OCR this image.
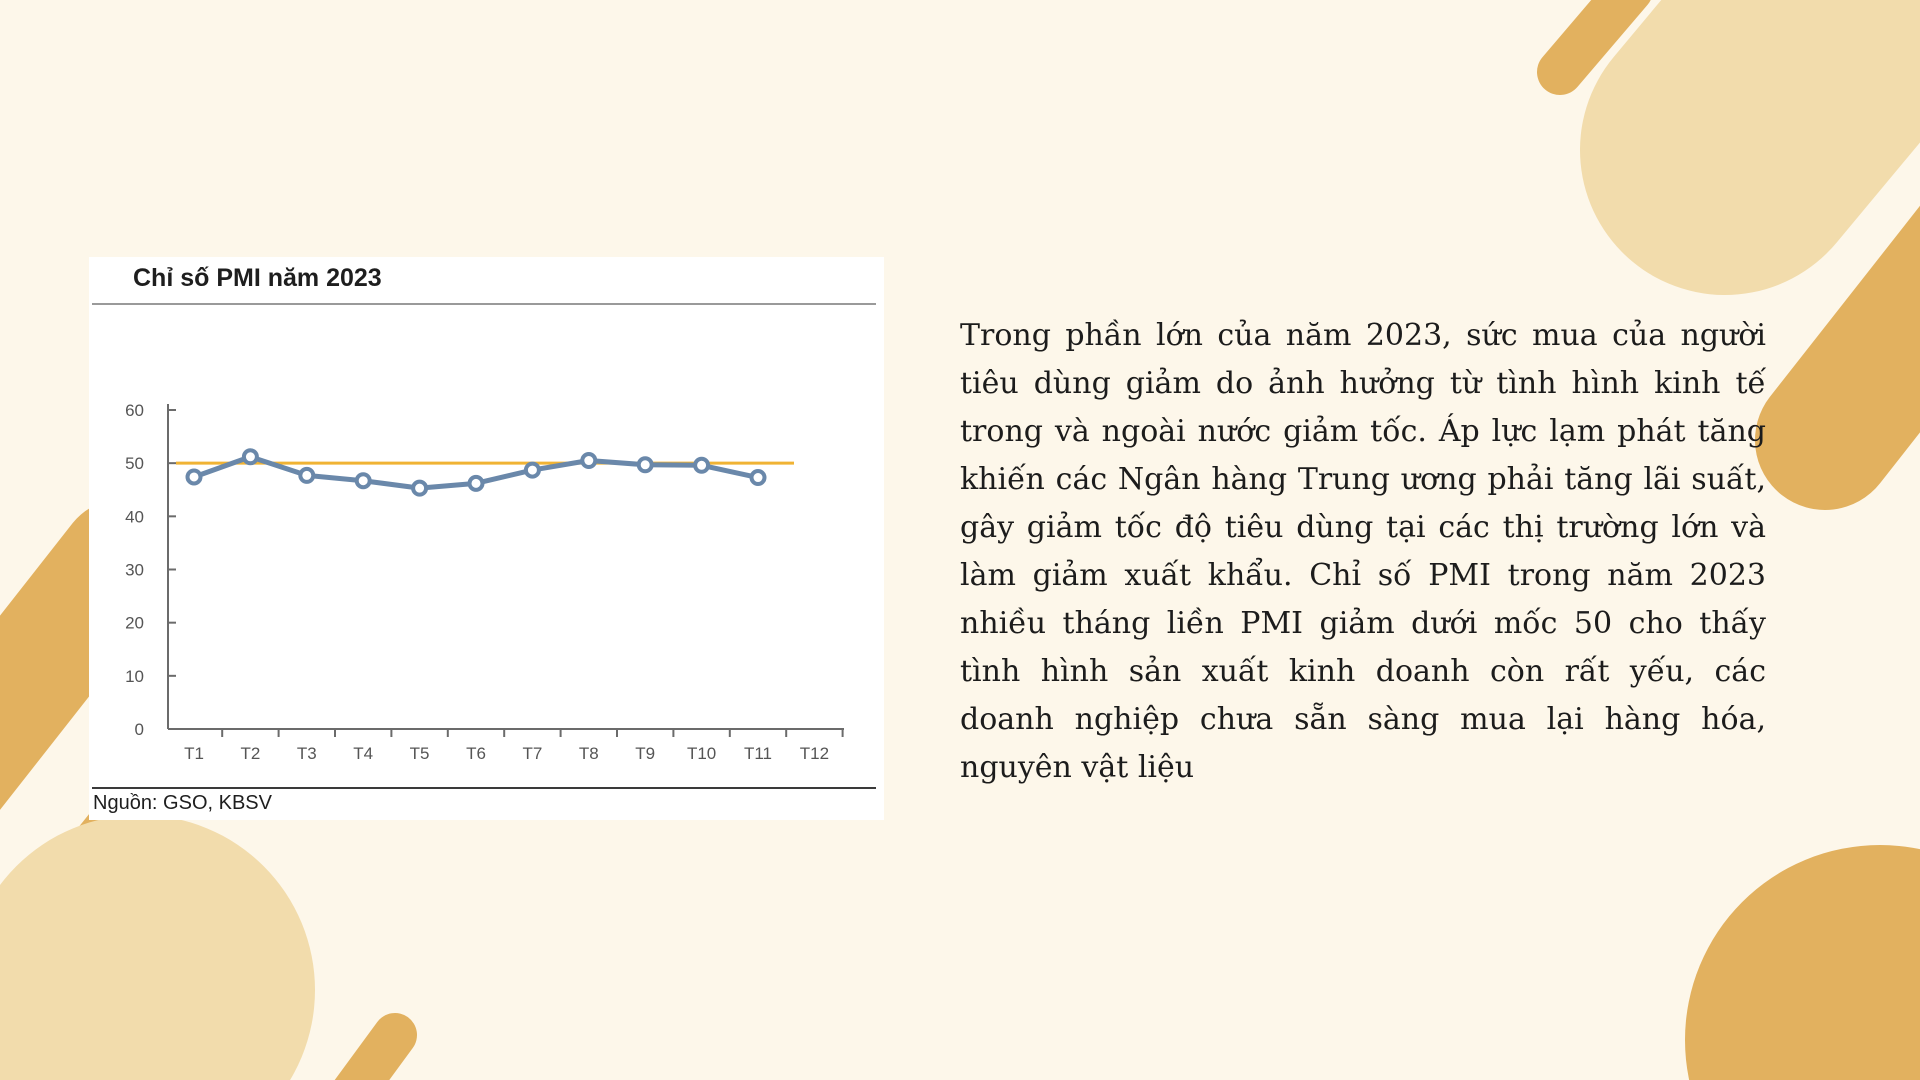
0
10
20
30
40
50
60
T1 T2 T3 T4 T5 T6 T7 T8 T9 T10 T11 T12
Chỉ số PMI năm 2023
Nguồn: GSO, KBSV

Trong phần lớn của năm 2023, sức mua của người tiêu dùng giảm do ảnh hưởng từ tình hình kinh tế trong và ngoài nước giảm tốc. Áp lực lạm phát tăng khiến các Ngân hàng Trung ương phải tăng lãi suất, gây giảm tốc độ tiêu dùng tại các thị trường lớn và làm giảm xuất khẩu. Chỉ số PMI trong năm 2023 nhiều tháng liền PMI giảm dưới mốc 50 cho thấy tình hình sản xuất kinh doanh còn rất yếu, các doanh nghiệp chưa sẵn sàng mua lại hàng hóa, nguyên vật liệu
